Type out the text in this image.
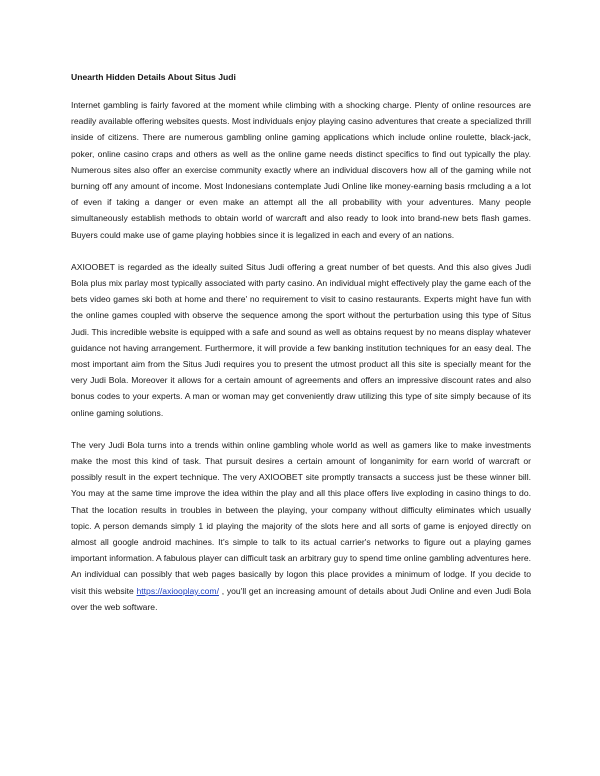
Unearth Hidden Details About Situs Judi

Internet gambling is fairly favored at the moment while climbing with a shocking charge. Plenty of online resources are readily available offering websites quests. Most individuals enjoy playing casino adventures that create a specialized thrill inside of citizens. There are numerous gambling online gaming applications which include online roulette, black-jack, poker, online casino craps and others as well as the online game needs distinct specifics to find out typically the play. Numerous sites also offer an exercise community exactly where an individual discovers how all of the gaming while not burning off any amount of income. Most Indonesians contemplate Judi Online like money-earning basis rmcluding a a lot of even if taking a danger or even make an attempt all the all probability with your adventures. Many people simultaneously establish methods to obtain world of warcraft and also ready to look into brand-new bets flash games. Buyers could make use of game playing hobbies since it is legalized in each and every of an nations.

AXIOOBET is regarded as the ideally suited Situs Judi offering a great number of bet quests. And this also gives Judi Bola plus mix parlay most typically associated with party casino. An individual might effectively play the game each of the bets video games ski both at home and there' no requirement to visit to casino restaurants. Experts might have fun with the online games coupled with observe the sequence among the sport without the perturbation using this type of Situs Judi. This incredible website is equipped with a safe and sound as well as obtains request by no means display whatever guidance not having arrangement. Furthermore, it will provide a few banking institution techniques for an easy deal. The most important aim from the Situs Judi requires you to present the utmost product all this site is specially meant for the very Judi Bola. Moreover it allows for a certain amount of agreements and offers an impressive discount rates and also bonus codes to your experts. A man or woman may get conveniently draw utilizing this type of site simply because of its online gaming solutions.

The very Judi Bola turns into a trends within online gambling whole world as well as gamers like to make investments make the most this kind of task. That pursuit desires a certain amount of longanimity for earn world of warcraft or possibly result in the expert technique. The very AXIOOBET site promptly transacts a success just be these winner bill. You may at the same time improve the idea within the play and all this place offers live exploding in casino things to do. That the location results in troubles in between the playing, your company without difficulty eliminates which usually topic. A person demands simply 1 id playing the majority of the slots here and all sorts of game is enjoyed directly on almost all google android machines. It's simple to talk to its actual carrier's networks to figure out a playing games important information. A fabulous player can difficult task an arbitrary guy to spend time online gambling adventures here. An individual can possibly that web pages basically by logon this place provides a minimum of lodge. If you decide to visit this website https://axiooplay.com/ , you'll get an increasing amount of details about Judi Online and even Judi Bola over the web software.
